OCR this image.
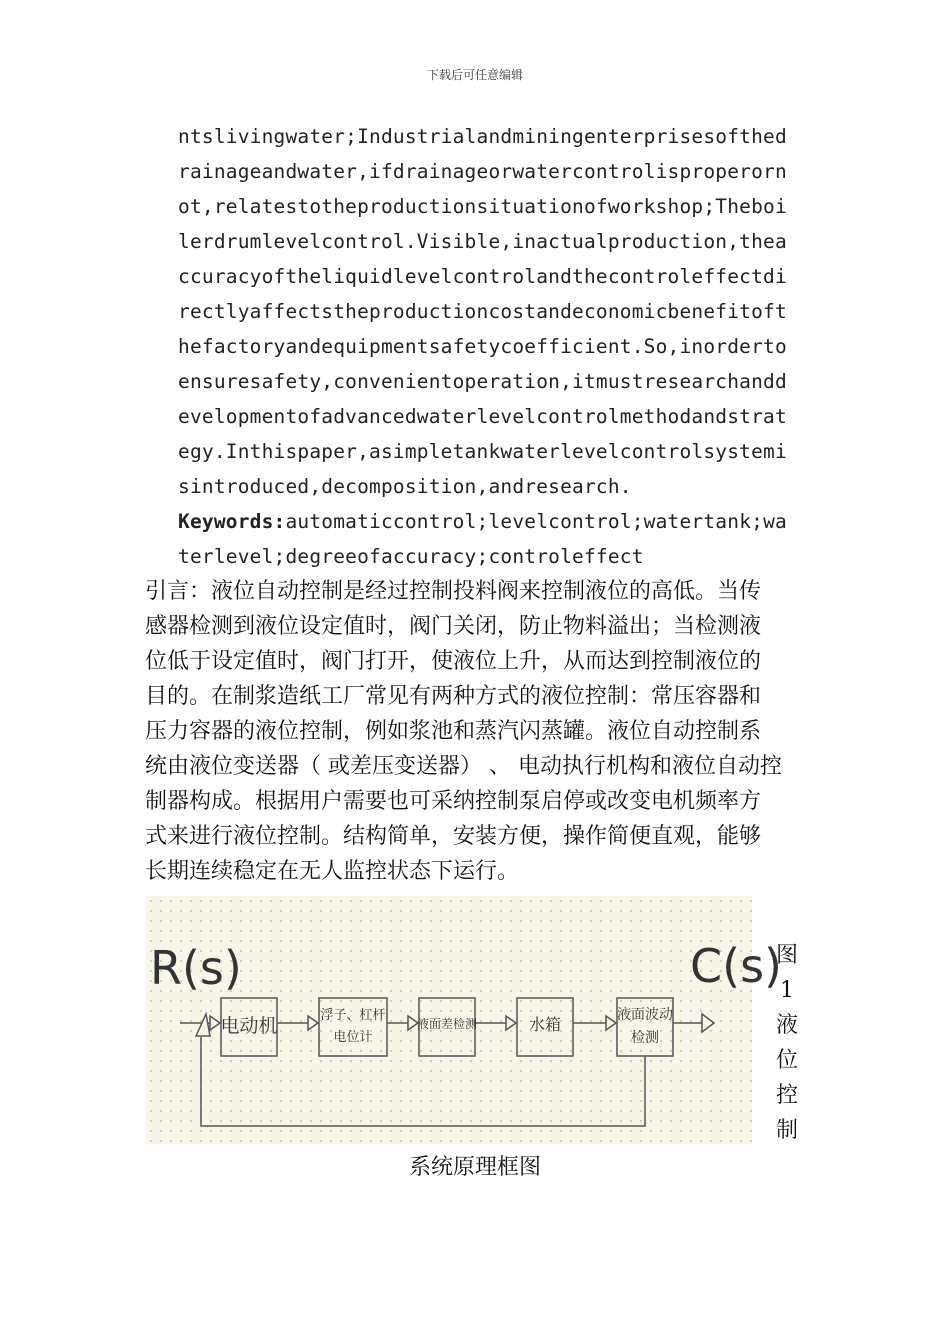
下载后可任意编辑
ntslivingwater;Industrialandminingenterprisesofthed
rainageandwater,ifdrainageorwatercontrolisproperorn
ot,relatestotheproductionsituationofworkshop;Theboi
lerdrumlevelcontrol.Visible,inactualproduction,thea
ccuracyoftheliquidlevelcontrolandthecontroleffectdi
rectlyaffectstheproductioncostandeconomicbenefitoft
hefactoryandequipmentsafetycoefficient.So,inorderto
ensuresafety,convenientoperation,itmustresearchandd
evelopmentofadvancedwaterlevelcontrolmethodandstrat
egy.Inthispaper,asimpletankwaterlevelcontrolsystemi
sintroduced,decomposition,andresearch.
Keywords:automaticcontrol;levelcontrol;watertank;wa
terlevel;degreeofaccuracy;controleffect
引言：液位自动控制是经过控制投料阀来控制液位的高低。当传
感器检测到液位设定值时，阀门关闭，防止物料溢出；当检测液
位低于设定值时，阀门打开，使液位上升，从而达到控制液位的
目的。在制浆造纸工厂常见有两种方式的液位控制：常压容器和
压力容器的液位控制，例如浆池和蒸汽闪蒸罐。液位自动控制系
统由液位变送器（ 或差压变送器） 、 电动执行机构和液位自动控
制器构成。根据用户需要也可采纳控制泵启停或改变电机频率方
式来进行液位控制。结构简单，安装方便，操作简便直观，能够
长期连续稳定在无人监控状态下运行。
R(s)	C(s)
电动机	浮子、杠杆
电位计
液面差检测	水箱	液面波动
检测
图
1
液
位
控
制
系统原理框图
